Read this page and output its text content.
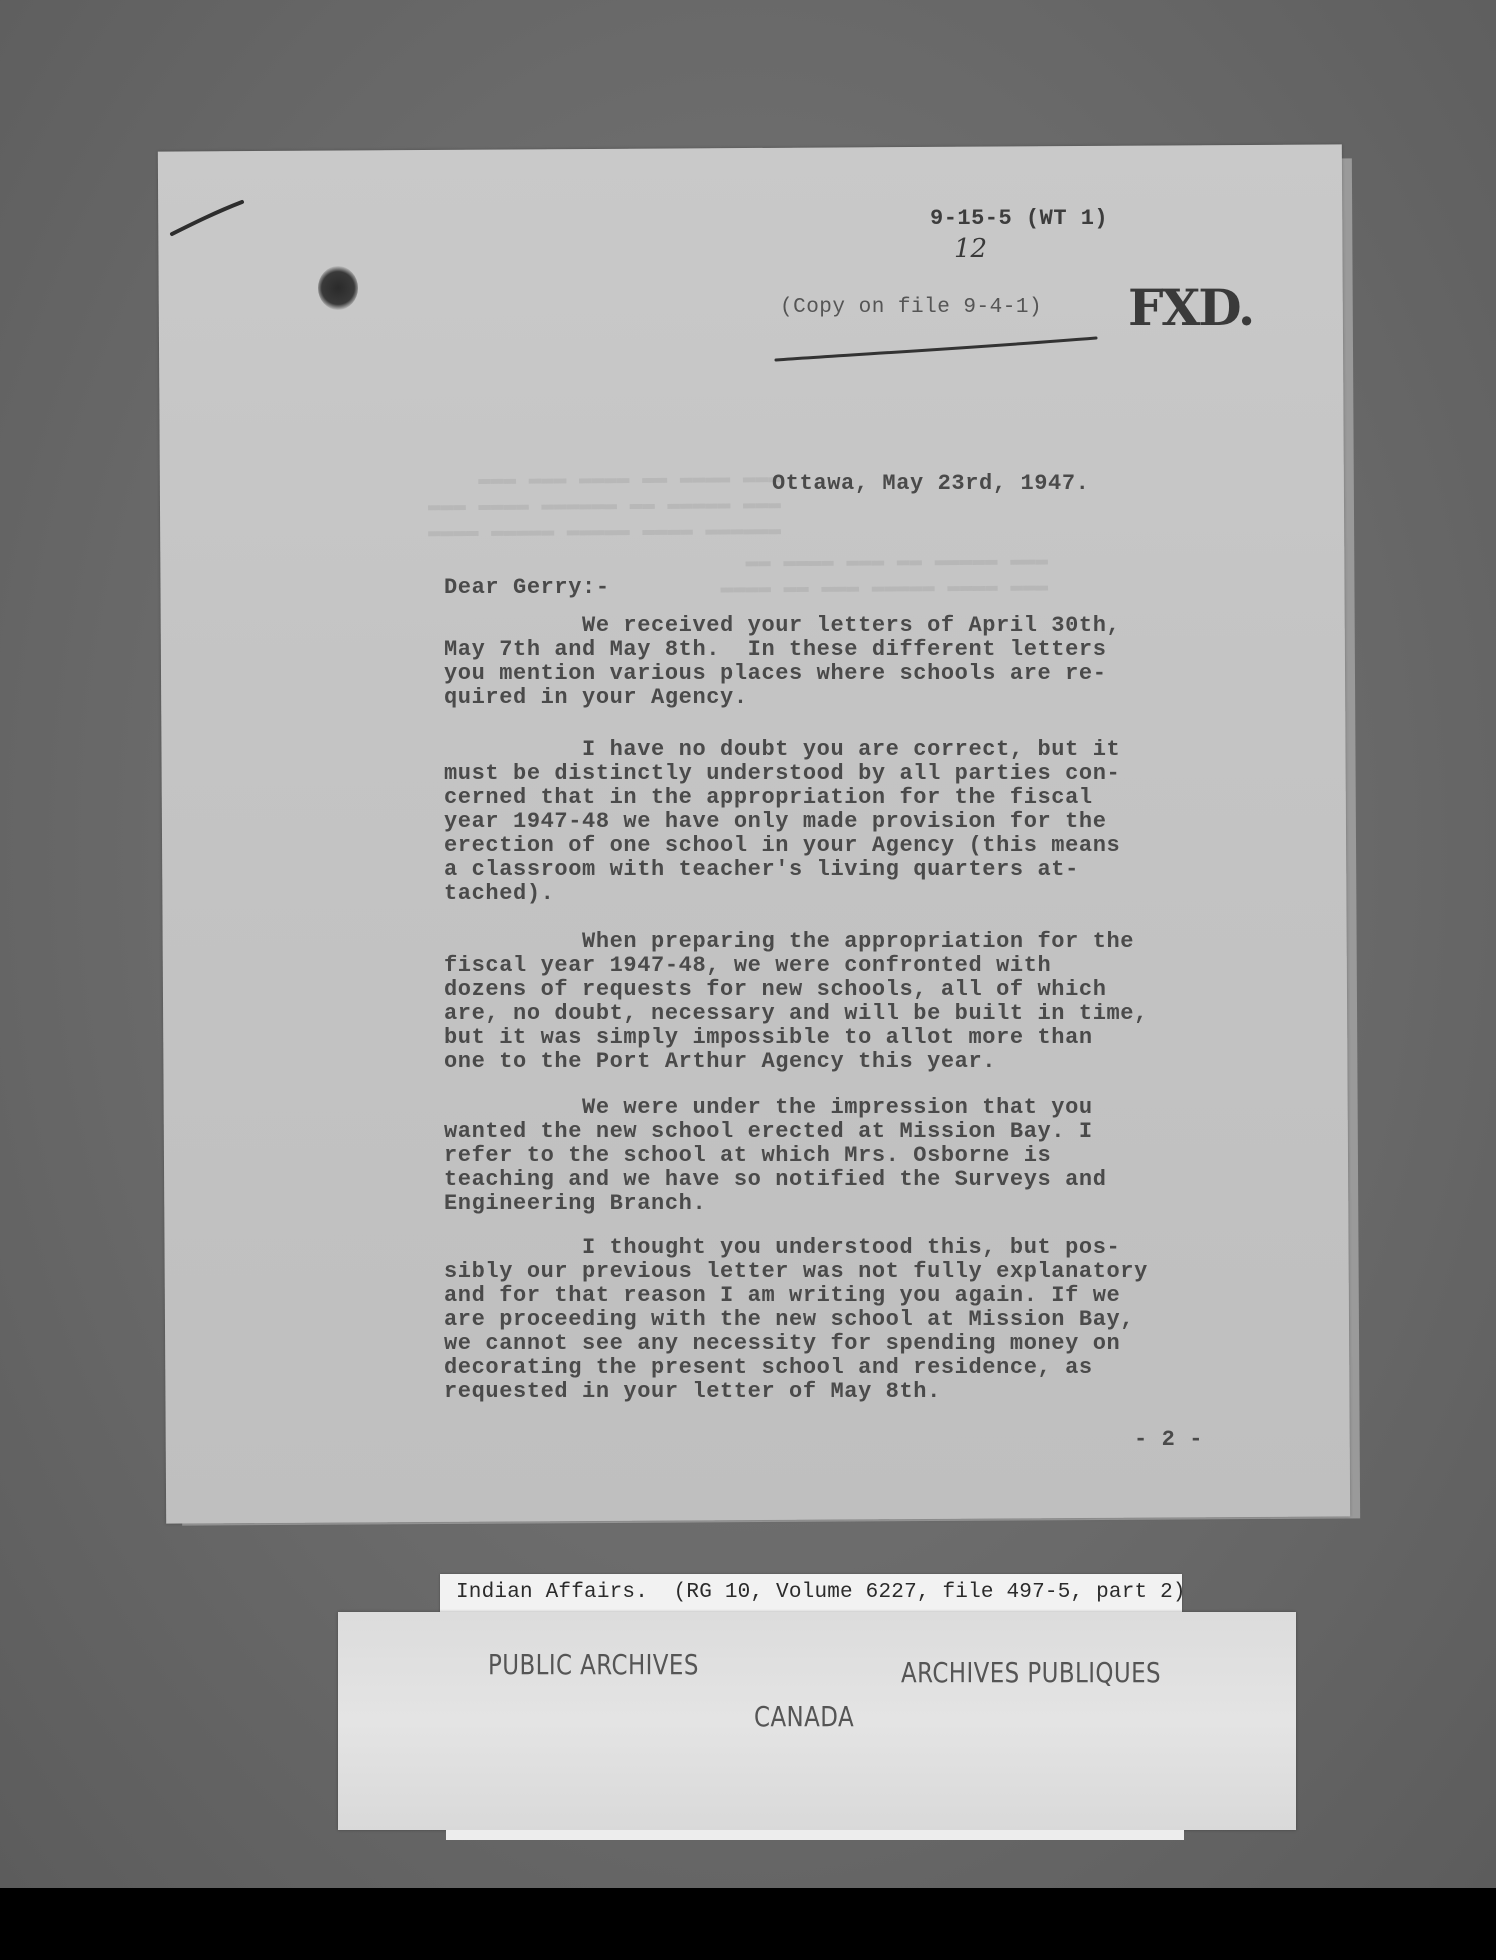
▬▬▬ ▬▬▬▬ ▬▬ ▬▬▬▬ ▬▬▬ ▬▬▬
▬▬▬ ▬▬▬▬▬ ▬▬ ▬▬▬▬▬▬ ▬▬▬▬ ▬▬▬
▬▬▬▬▬▬ ▬▬▬▬ ▬▬▬▬▬ ▬▬▬▬▬ ▬▬▬▬
▬▬▬ ▬▬▬▬▬ ▬▬ ▬▬▬ ▬▬▬▬ ▬▬
▬▬▬ ▬▬▬▬ ▬▬▬▬▬ ▬▬▬ ▬▬ ▬▬▬▬
9-15-5 (WT 1)
12
(Copy on file 9-4-1) FXD.
Ottawa, May 23rd, 1947.
Dear Gerry:-
We received your letters of April 30th,
May 7th and May 8th.  In these different letters
you mention various places where schools are re-
quired in your Agency.
I have no doubt you are correct, but it
must be distinctly understood by all parties con-
cerned that in the appropriation for the fiscal
year 1947-48 we have only made provision for the
erection of one school in your Agency (this means
a classroom with teacher's living quarters at-
tached).
When preparing the appropriation for the
fiscal year 1947-48, we were confronted with
dozens of requests for new schools, all of which
are, no doubt, necessary and will be built in time,
but it was simply impossible to allot more than
one to the Port Arthur Agency this year.
We were under the impression that you
wanted the new school erected at Mission Bay. I
refer to the school at which Mrs. Osborne is
teaching and we have so notified the Surveys and
Engineering Branch.
I thought you understood this, but pos-
sibly our previous letter was not fully explanatory
and for that reason I am writing you again. If we
are proceeding with the new school at Mission Bay,
we cannot see any necessity for spending money on
decorating the present school and residence, as
requested in your letter of May 8th.
- 2 -
Indian Affairs.  (RG 10, Volume 6227, file 497-5, part 2)
PUBLIC ARCHIVES	ARCHIVES PUBLIQUES
CANADA
